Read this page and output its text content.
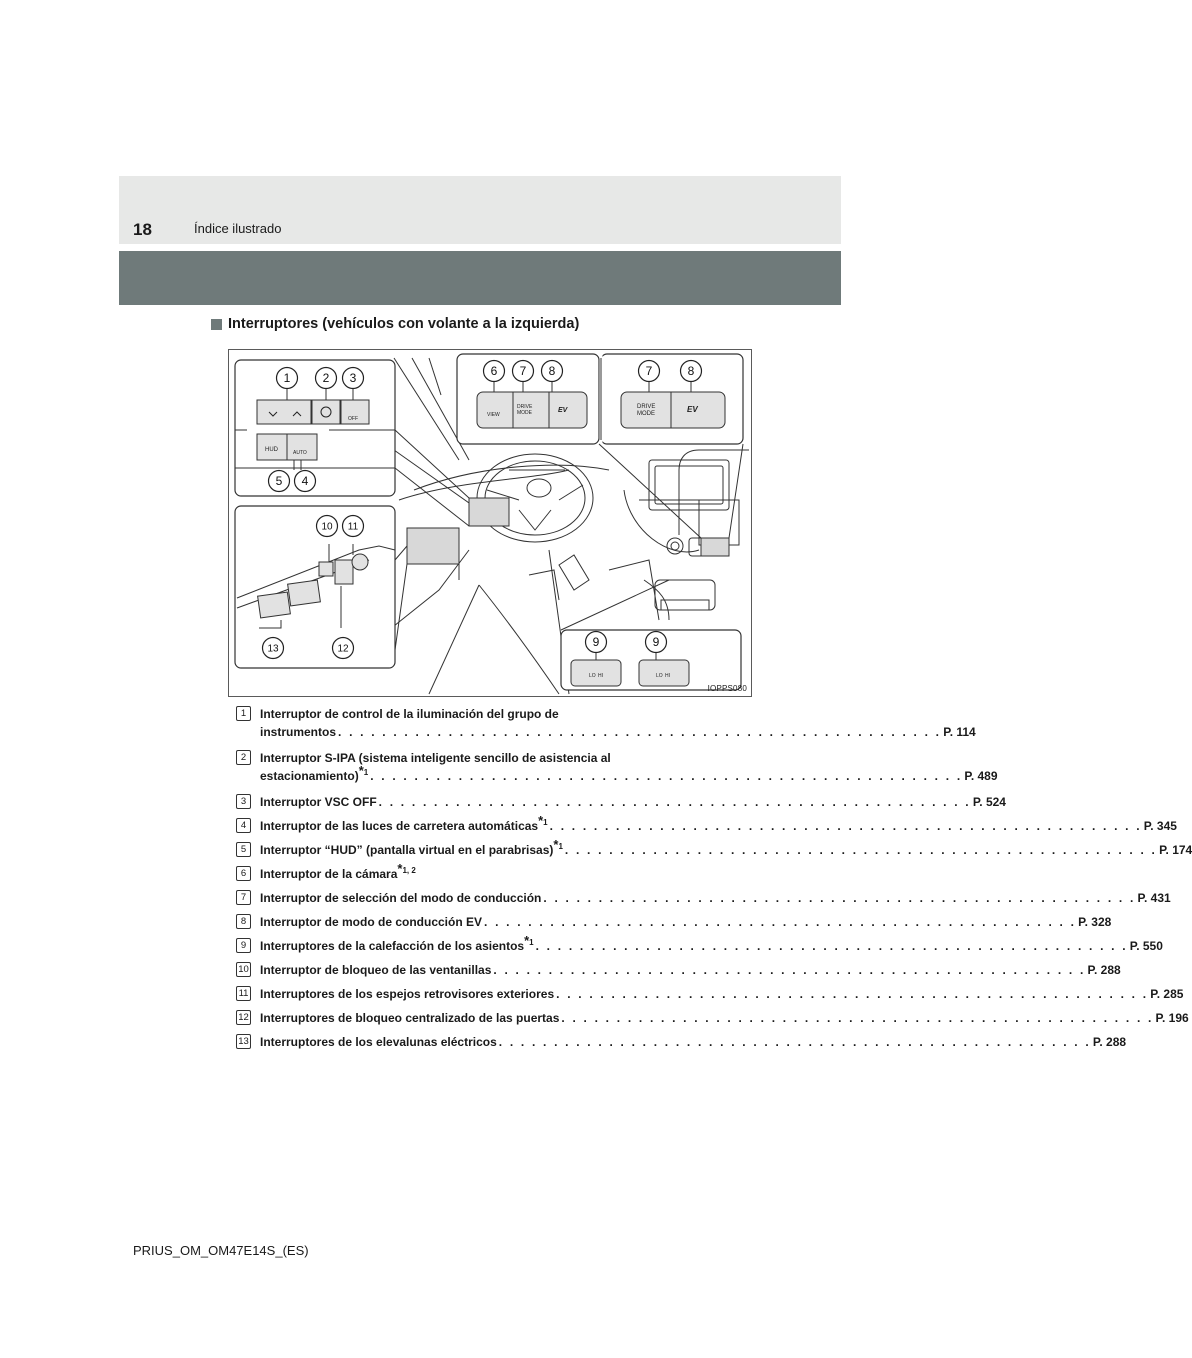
18	Índice ilustrado
Interruptores (vehículos con volante a la izquierda)
HUD	AUTO
OFF
VIEW
DRIVE
MODE	EV	DRIVE
MODE	EV
LO HI	LO HI
1	2 3
4
5
6 7 8	7	8
9	9
10 11
12
13
IOPPS080
1	Interruptor de control de la iluminación del grupo de
instrumentos . . . . . . . . . . . . . . . . . . . . . . . . . . . . . . . . . . . . . . . . . . . . . . . . . . . . . . . P. 114
2	Interruptor S-IPA (sistema inteligente sencillo de asistencia al
estacionamiento)$^{*1}$ . . . . . . . . . . . . . . . . . . . . . . . . . . . . . . . . . . . . . . . . . . . . . . . . . . . . . . P. 489
3	Interruptor VSC OFF . . . . . . . . . . . . . . . . . . . . . . . . . . . . . . . . . . . . . . . . . . . . . . . . . . . . . . P. 524
4	Interruptor de las luces de carretera automáticas$^{*1}$ . . . . . . . . . . . . . . . . . . . . . . . . . . . . . . . . . . . . . . . . . . . . . . . . . . . . . . P. 345
5	Interruptor “HUD” (pantalla virtual en el parabrisas)$^{*1}$ . . . . . . . . . . . . . . . . . . . . . . . . . . . . . . . . . . . . . . . . . . . . . . . . . . . . . . P. 174
6	Interruptor de la cámara$^{*1, 2}$
7	Interruptor de selección del modo de conducción . . . . . . . . . . . . . . . . . . . . . . . . . . . . . . . . . . . . . . . . . . . . . . . . . . . . . . P. 431
8	Interruptor de modo de conducción EV . . . . . . . . . . . . . . . . . . . . . . . . . . . . . . . . . . . . . . . . . . . . . . . . . . . . . . P. 328
9	Interruptores de la calefacción de los asientos$^{*1}$ . . . . . . . . . . . . . . . . . . . . . . . . . . . . . . . . . . . . . . . . . . . . . . . . . . . . . . P. 550
10 Interruptor de bloqueo de las ventanillas . . . . . . . . . . . . . . . . . . . . . . . . . . . . . . . . . . . . . . . . . . . . . . . . . . . . . . P. 288
11 Interruptores de los espejos retrovisores exteriores . . . . . . . . . . . . . . . . . . . . . . . . . . . . . . . . . . . . . . . . . . . . . . . . . . . . . . P. 285
12 Interruptores de bloqueo centralizado de las puertas . . . . . . . . . . . . . . . . . . . . . . . . . . . . . . . . . . . . . . . . . . . . . . . . . . . . . . P. 196
13 Interruptores de los elevalunas eléctricos . . . . . . . . . . . . . . . . . . . . . . . . . . . . . . . . . . . . . . . . . . . . . . . . . . . . . . P. 288
PRIUS_OM_OM47E14S_(ES)
